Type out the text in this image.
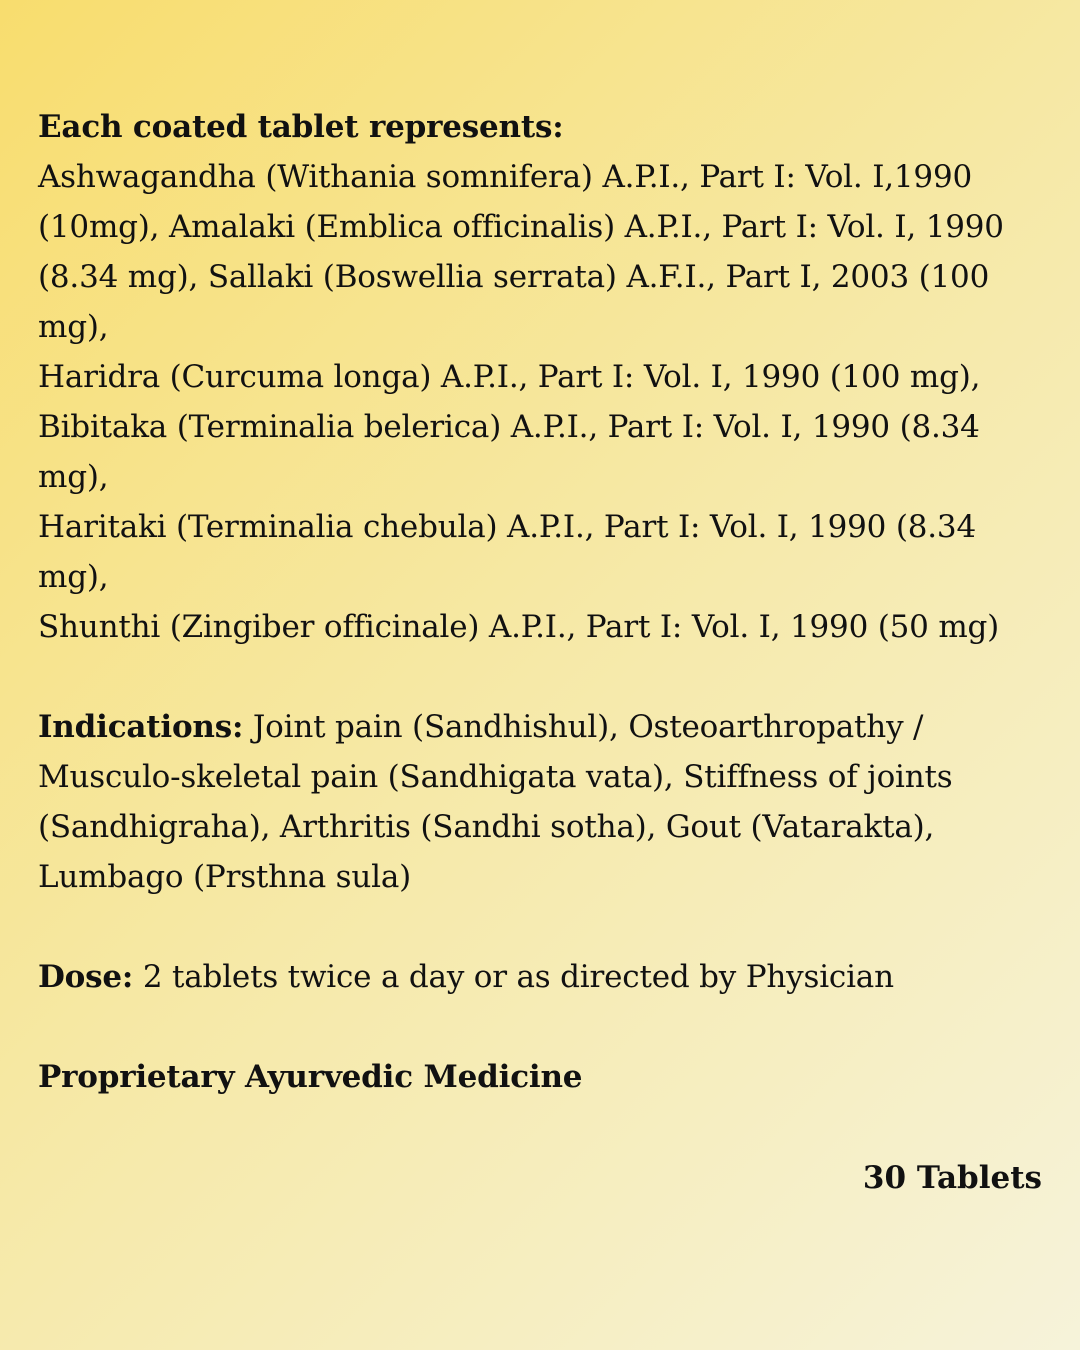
Each coated tablet represents:
Ashwagandha (Withania somnifera) A.P.I., Part I: Vol. I,1990
(10mg), Amalaki (Emblica officinalis) A.P.I., Part I: Vol. I, 1990
(8.34 mg), Sallaki (Boswellia serrata) A.F.I., Part I, 2003 (100
mg),
Haridra (Curcuma longa) A.P.I., Part I: Vol. I, 1990 (100 mg),
Bibitaka (Terminalia belerica) A.P.I., Part I: Vol. I, 1990 (8.34
mg),
Haritaki (Terminalia chebula) A.P.I., Part I: Vol. I, 1990 (8.34
mg),
Shunthi (Zingiber officinale) A.P.I., Part I: Vol. I, 1990 (50 mg)
Indications: Joint pain (Sandhishul), Osteoarthropathy /
Musculo-skeletal pain (Sandhigata vata), Stiffness of joints
(Sandhigraha), Arthritis (Sandhi sotha), Gout (Vatarakta),
Lumbago (Prsthna sula)
Dose: 2 tablets twice a day or as directed by Physician
Proprietary Ayurvedic Medicine
30 Tablets
